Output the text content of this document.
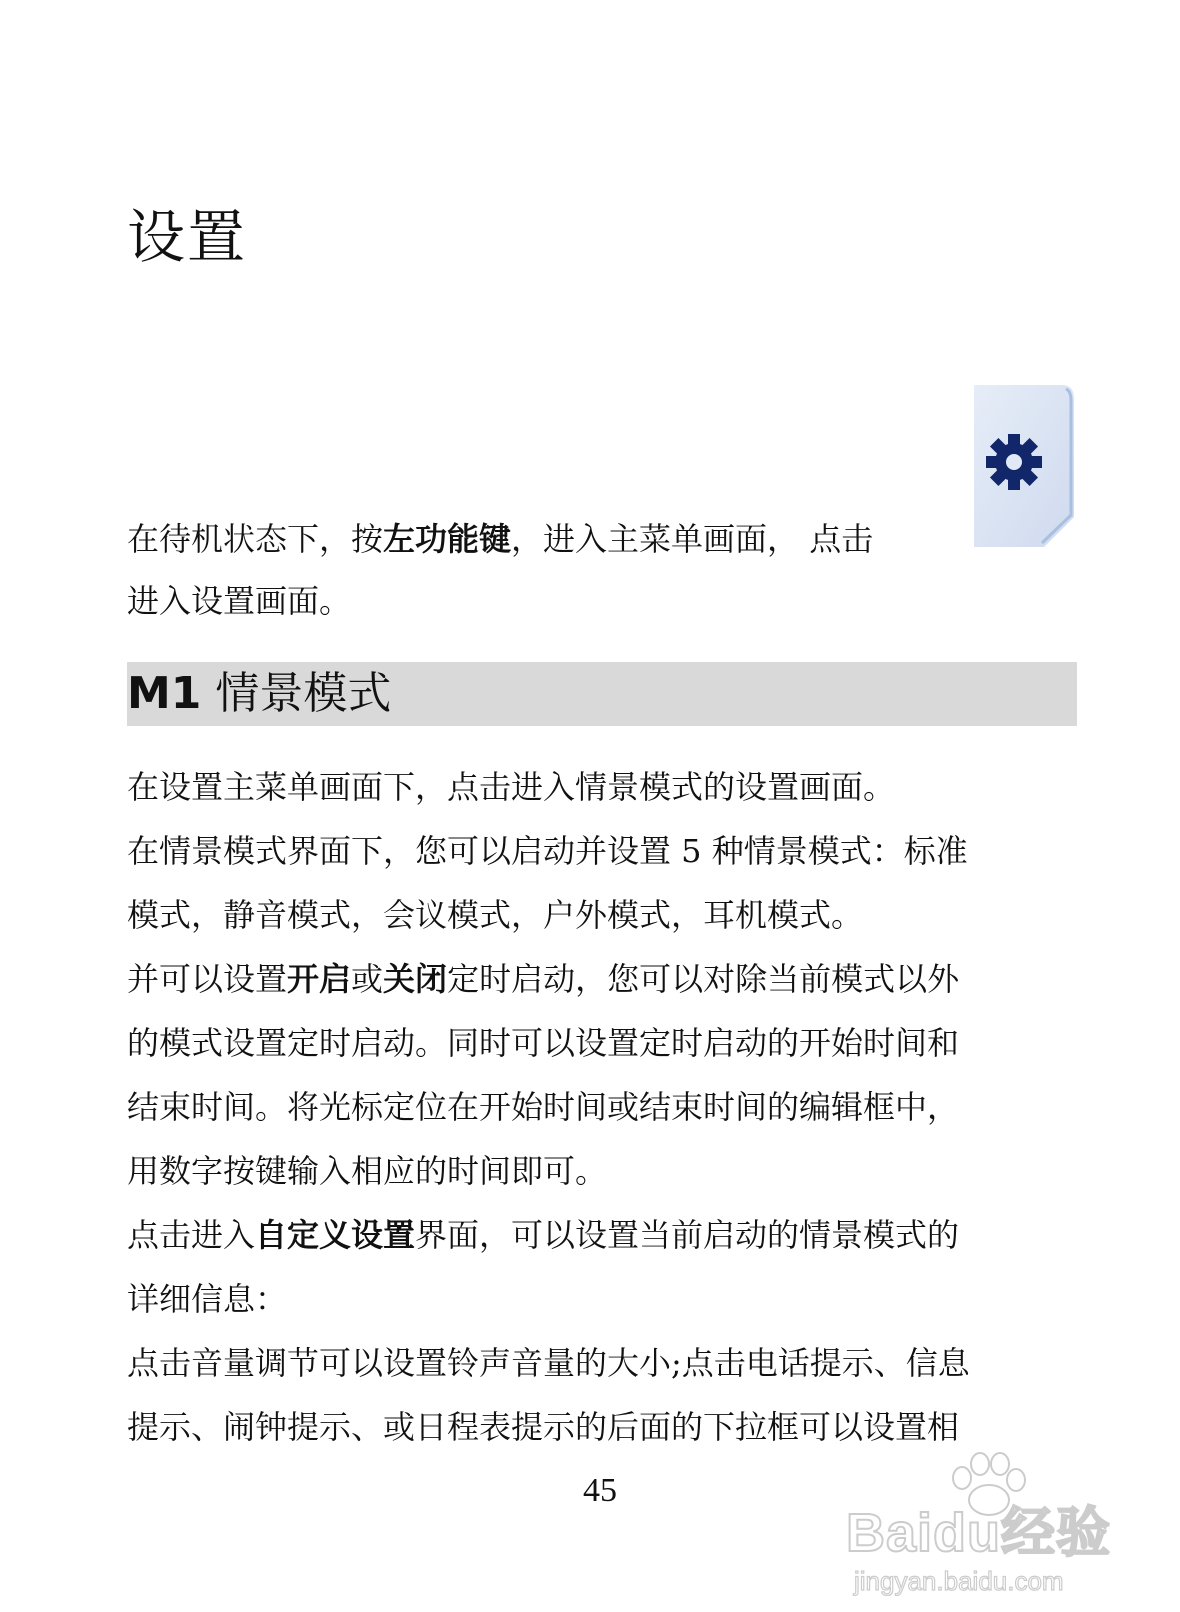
设置
在待机状态下，按左功能键，进入主菜单画面， 点击
进入设置画面。
M1 情景模式
在设置主菜单画面下，点击进入情景模式的设置画面。
在情景模式界面下，您可以启动并设置 5 种情景模式：标准
模式，静音模式，会议模式，户外模式，耳机模式。
并可以设置开启或关闭定时启动，您可以对除当前模式以外
的模式设置定时启动。同时可以设置定时启动的开始时间和
结束时间。将光标定位在开始时间或结束时间的编辑框中，
用数字按键输入相应的时间即可。
点击进入自定义设置界面，可以设置当前启动的情景模式的
详细信息：
点击音量调节可以设置铃声音量的大小;点击电话提示、信息
提示、闹钟提示、或日程表提示的后面的下拉框可以设置相
45
Baidu经验
jingyan.baidu.com
